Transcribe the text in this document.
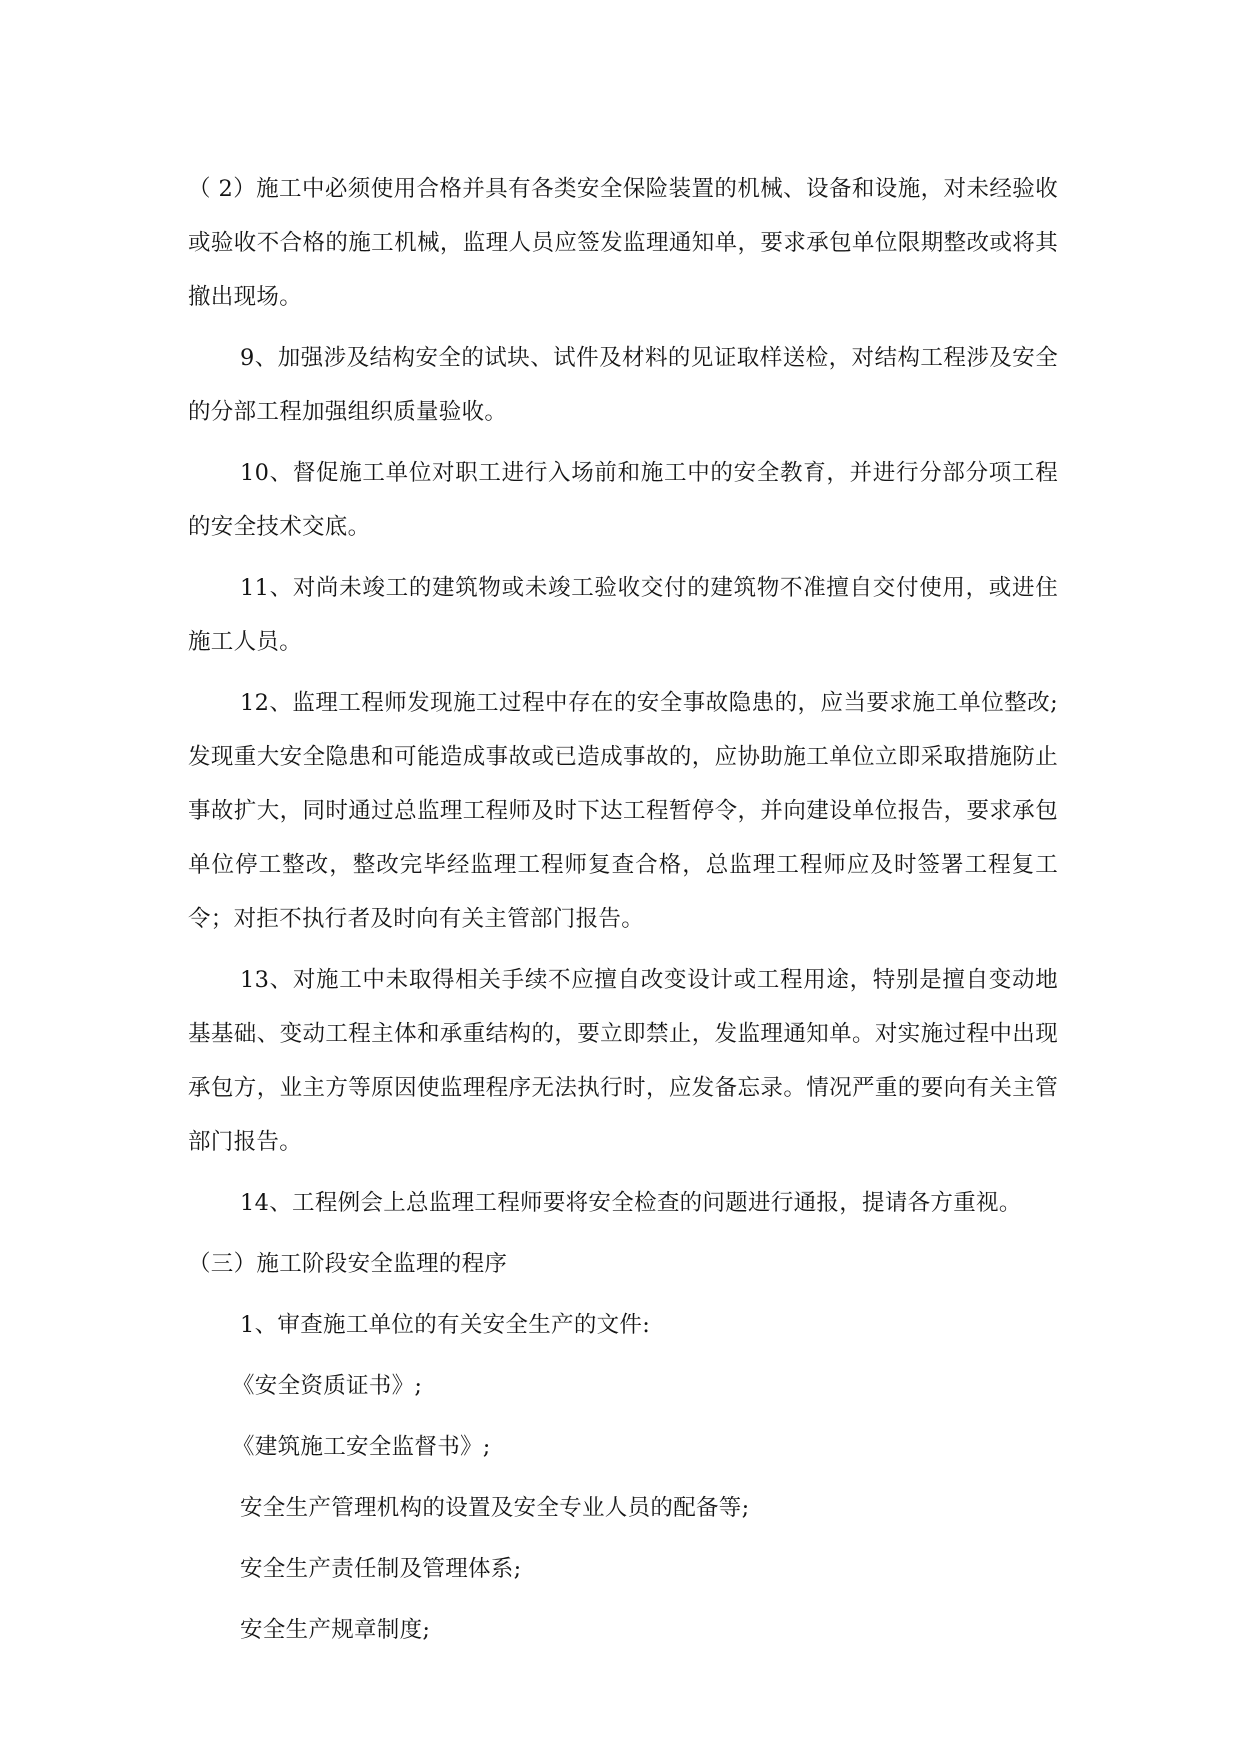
（ 2）施工中必须使用合格并具有各类安全保险装置的机械、设备和设施，对未经验收或验收不合格的施工机械，监理人员应签发监理通知单，要求承包单位限期整改或将其撤出现场。

9、加强涉及结构安全的试块、试件及材料的见证取样送检，对结构工程涉及安全的分部工程加强组织质量验收。

10、督促施工单位对职工进行入场前和施工中的安全教育，并进行分部分项工程的安全技术交底。

11、对尚未竣工的建筑物或未竣工验收交付的建筑物不准擅自交付使用，或进住施工人员。

12、监理工程师发现施工过程中存在的安全事故隐患的，应当要求施工单位整改;发现重大安全隐患和可能造成事故或已造成事故的，应协助施工单位立即采取措施防止事故扩大，同时通过总监理工程师及时下达工程暂停令，并向建设单位报告，要求承包单位停工整改，整改完毕经监理工程师复查合格，总监理工程师应及时签署工程复工令；对拒不执行者及时向有关主管部门报告。

13、对施工中未取得相关手续不应擅自改变设计或工程用途，特别是擅自变动地基基础、变动工程主体和承重结构的，要立即禁止，发监理通知单。对实施过程中出现承包方，业主方等原因使监理程序无法执行时，应发备忘录。情况严重的要向有关主管部门报告。

14、工程例会上总监理工程师要将安全检查的问题进行通报，提请各方重视。

（三）施工阶段安全监理的程序

1、审查施工单位的有关安全生产的文件:

《安全资质证书》;

《建筑施工安全监督书》;

安全生产管理机构的设置及安全专业人员的配备等;

安全生产责任制及管理体系;

安全生产规章制度;
